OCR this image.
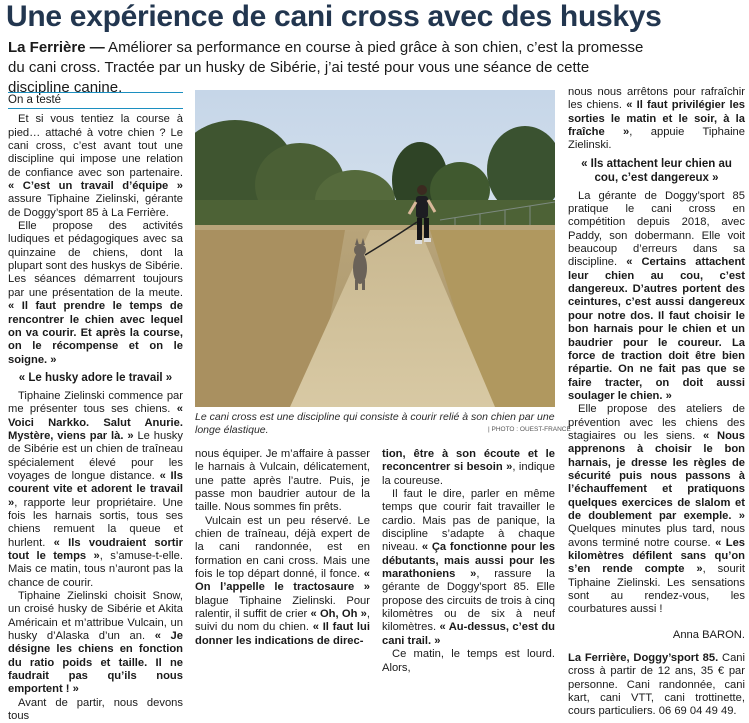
Une expérience de cani cross avec des huskys
La Ferrière — Améliorer sa performance en course à pied grâce à son chien, c’est la promesse du cani cross. Tractée par un husky de Sibérie, j’ai testé pour vous une séance de cette discipline canine.
On a testé

Et si vous tentiez la course à pied… attaché à votre chien ? Le cani cross, c’est avant tout une discipline qui impose une relation de confiance avec son partenaire. « C’est un travail d’équipe » assure Tiphaine Zielinski, gérante de Doggy’sport 85 à La Ferrière.

Elle propose des activités ludiques et pédagogiques avec sa quinzaine de chiens, dont la plupart sont des huskys de Sibérie. Les séances démarrent toujours par une présentation de la meute. « Il faut prendre le temps de rencontrer le chien avec lequel on va courir. Et après la course, on le récompense et on le soigne. »

« Le husky adore le travail »

Tiphaine Zielinski commence par me présenter tous ses chiens. « Voici Narkko. Salut Anurie. Mystère, viens par là. » Le husky de Sibérie est un chien de traîneau spécialement élevé pour les voyages de longue distance. « Ils courent vite et adorent le travail », rapporte leur propriétaire. Une fois les harnais sortis, tous ses chiens remuent la queue et hurlent. « Ils voudraient sortir tout le temps », s’amuse-t-elle. Mais ce matin, tous n’auront pas la chance de courir.

Tiphaine Zielinski choisit Snow, un croisé husky de Sibérie et Akita Américain et m’attribue Vulcain, un husky d’Alaska d’un an. « Je désigne les chiens en fonction du ratio poids et taille. Il ne faudrait pas qu’ils nous emportent ! »

Avant de partir, nous devons tous

Le cani cross est une discipline qui consiste à courir relié à son chien par une longe élastique.	| PHOTO : OUEST-FRANCE

nous équiper. Je m’affaire à passer le harnais à Vulcain, délicatement, une patte après l’autre. Puis, je passe mon baudrier autour de la taille. Nous sommes fin prêts.

Vulcain est un peu réservé. Le chien de traîneau, déjà expert de la cani randonnée, est en formation en cani cross. Mais une fois le top départ donné, il fonce. « On l’appelle le tractosaure » blague Tiphaine Zielinski. Pour ralentir, il suffit de crier « Oh, Oh », suivi du nom du chien. « Il faut lui donner les indications de direc-

tion, être à son écoute et le reconcentrer si besoin », indique la coureuse.

Il faut le dire, parler en même temps que courir fait travailler le cardio. Mais pas de panique, la discipline s’adapte à chaque niveau. « Ça fonctionne pour les débutants, mais aussi pour les marathoniens », rassure la gérante de Doggy’sport 85. Elle propose des circuits de trois à cinq kilomètres ou de six à neuf kilomètres. « Au-dessus, c’est du cani trail. »

Ce matin, le temps est lourd. Alors,

nous nous arrêtons pour rafraîchir les chiens. « Il faut privilégier les sorties le matin et le soir, à la fraîche », appuie Tiphaine Zielinski.

« Ils attachent leur chien au cou, c’est dangereux »

La gérante de Doggy’sport 85 pratique le cani cross en compétition depuis 2018, avec Paddy, son dobermann. Elle voit beaucoup d’erreurs dans sa discipline. « Certains attachent leur chien au cou, c’est dangereux. D’autres portent des ceintures, c’est aussi dangereux pour notre dos. Il faut choisir le bon harnais pour le chien et un baudrier pour le coureur. La force de traction doit être bien répartie. On ne fait pas que se faire tracter, on doit aussi soulager le chien. »

Elle propose des ateliers de prévention avec les chiens des stagiaires ou les siens. « Nous apprenons à choisir le bon harnais, je dresse les règles de sécurité puis nous passons à l’échauffement et pratiquons quelques exercices de slalom et de doublement par exemple. » Quelques minutes plus tard, nous avons terminé notre course. « Les kilomètres défilent sans qu’on s’en rende compte », sourit Tiphaine Zielinski. Les sensations sont au rendez-vous, les courbatures aussi !

Anna BARON.

La Ferrière, Doggy’sport 85. Cani cross à partir de 12 ans, 35 € par personne. Cani randonnée, cani kart, cani VTT, cani trottinette, cours particuliers. 06 69 04 49 49.
